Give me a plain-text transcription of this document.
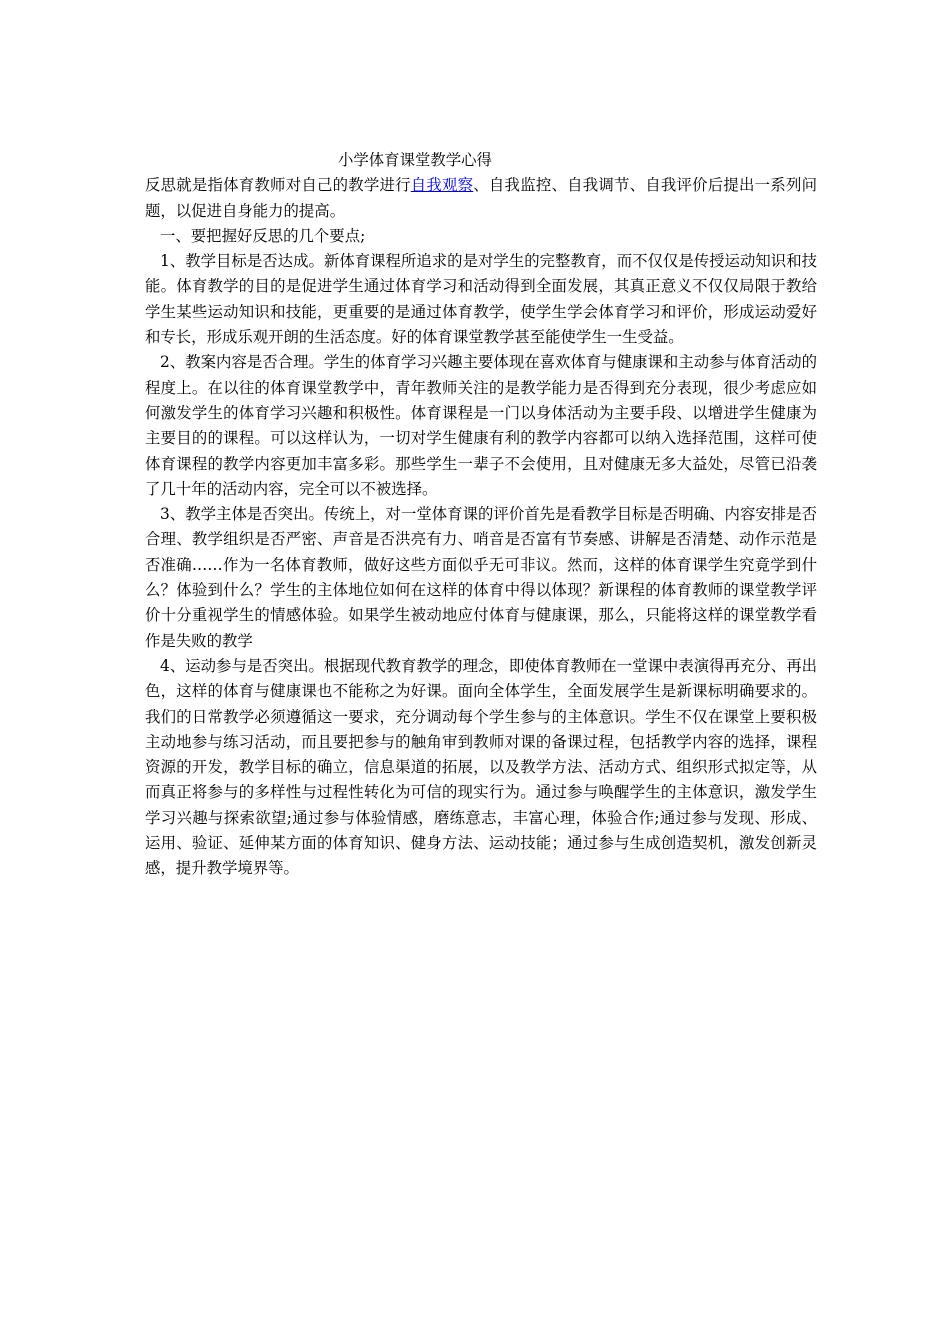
小学体育课堂教学心得

反思就是指体育教师对自己的教学进行自我观察、自我监控、自我调节、自我评价后提出一系列问题，以促进自身能力的提高。

一、要把握好反思的几个要点;

1、教学目标是否达成。新体育课程所追求的是对学生的完整教育，而不仅仅是传授运动知识和技能。体育教学的目的是促进学生通过体育学习和活动得到全面发展，其真正意义不仅仅局限于教给学生某些运动知识和技能，更重要的是通过体育教学，使学生学会体育学习和评价，形成运动爱好和专长，形成乐观开朗的生活态度。好的体育课堂教学甚至能使学生一生受益。

2、教案内容是否合理。学生的体育学习兴趣主要体现在喜欢体育与健康课和主动参与体育活动的程度上。在以往的体育课堂教学中，青年教师关注的是教学能力是否得到充分表现，很少考虑应如何激发学生的体育学习兴趣和积极性。体育课程是一门以身体活动为主要手段、以增进学生健康为主要目的的课程。可以这样认为，一切对学生健康有利的教学内容都可以纳入选择范围，这样可使体育课程的教学内容更加丰富多彩。那些学生一辈子不会使用，且对健康无多大益处，尽管已沿袭了几十年的活动内容，完全可以不被选择。

3、教学主体是否突出。传统上，对一堂体育课的评价首先是看教学目标是否明确、内容安排是否合理、教学组织是否严密、声音是否洪亮有力、哨音是否富有节奏感、讲解是否清楚、动作示范是否准确……作为一名体育教师，做好这些方面似乎无可非议。然而，这样的体育课学生究竟学到什么？体验到什么？学生的主体地位如何在这样的体育中得以体现？新课程的体育教师的课堂教学评价十分重视学生的情感体验。如果学生被动地应付体育与健康课，那么，只能将这样的课堂教学看作是失败的教学

4、运动参与是否突出。根据现代教育教学的理念，即使体育教师在一堂课中表演得再充分、再出色，这样的体育与健康课也不能称之为好课。面向全体学生，全面发展学生是新课标明确要求的。我们的日常教学必须遵循这一要求，充分调动每个学生参与的主体意识。学生不仅在课堂上要积极主动地参与练习活动，而且要把参与的触角审到教师对课的备课过程，包括教学内容的选择，课程资源的开发，教学目标的确立，信息渠道的拓展，以及教学方法、活动方式、组织形式拟定等，从而真正将参与的多样性与过程性转化为可信的现实行为。通过参与唤醒学生的主体意识，激发学生学习兴趣与探索欲望;通过参与体验情感，磨练意志，丰富心理，体验合作;通过参与发现、形成、运用、验证、延伸某方面的体育知识、健身方法、运动技能；通过参与生成创造契机，激发创新灵感，提升教学境界等。
